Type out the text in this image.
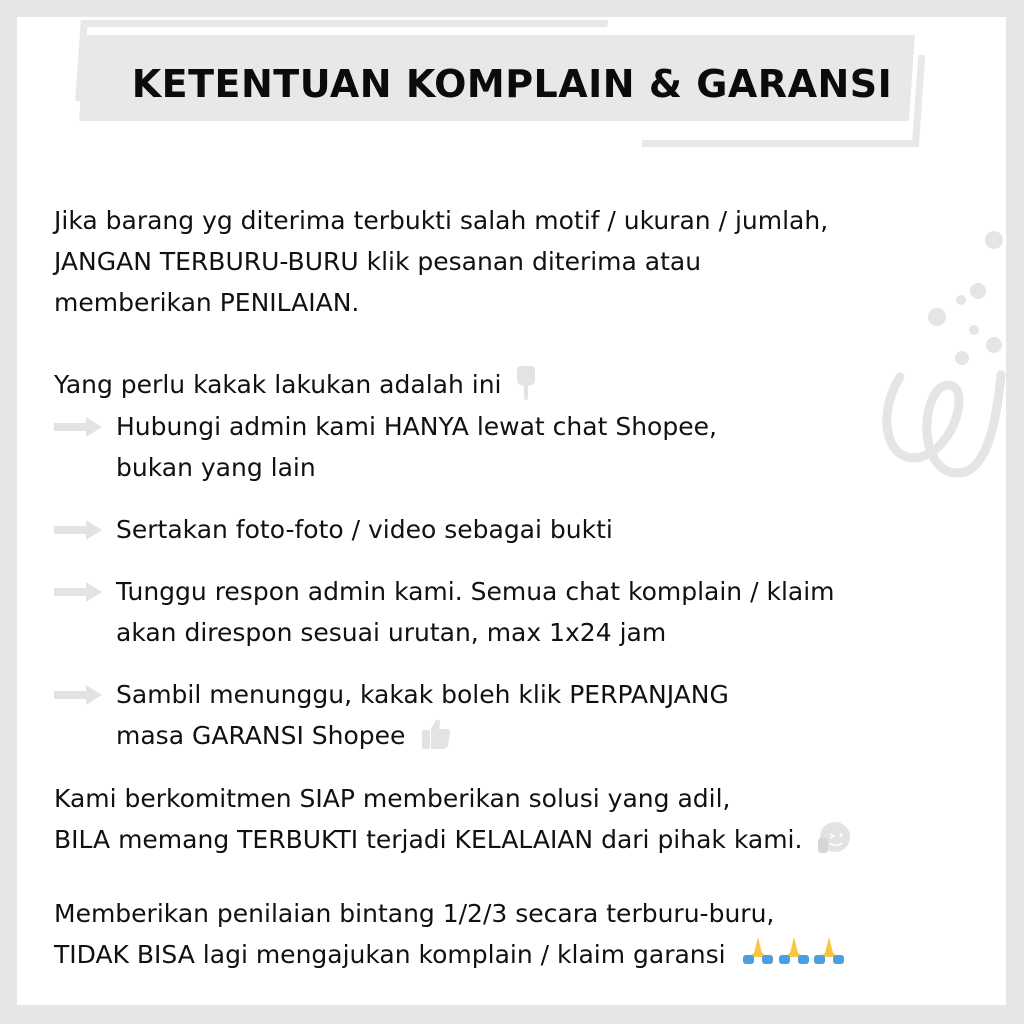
KETENTUAN KOMPLAIN & GARANSI
Jika barang yg diterima terbukti salah motif / ukuran / jumlah,
JANGAN TERBURU-BURU klik pesanan diterima atau
memberikan PENILAIAN.
Yang perlu kakak lakukan adalah ini
Hubungi admin kami HANYA lewat chat Shopee,
bukan yang lain
Sertakan foto-foto / video sebagai bukti
Tunggu respon admin kami. Semua chat komplain / klaim
akan direspon sesuai urutan, max 1x24 jam
Sambil menunggu, kakak boleh klik PERPANJANG
masa GARANSI Shopee
Kami berkomitmen SIAP memberikan solusi yang adil,
BILA memang TERBUKTI terjadi KELALAIAN dari pihak kami.
Memberikan penilaian bintang 1/2/3 secara terburu-buru,
TIDAK BISA lagi mengajukan komplain / klaim garansi
